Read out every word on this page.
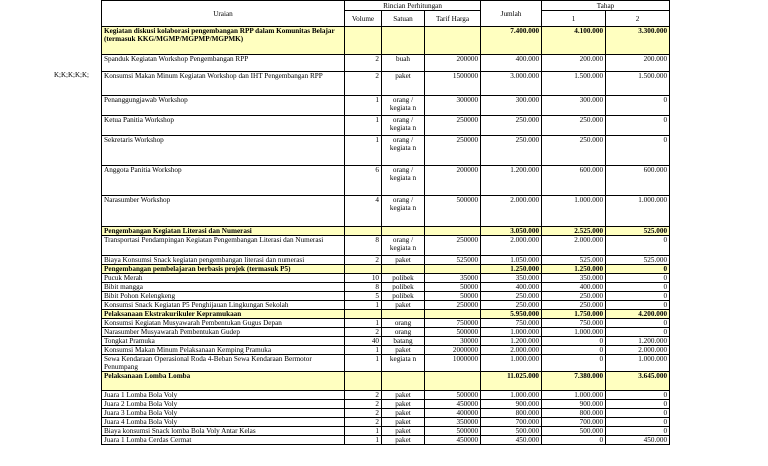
K;K;K;K;K;
Uraian	Rincian Perhitungan			Jumlah	Tahap	
	Volume	Satuan	Tarif Harga		1	2
Kegiatan diskusi kolaborasi pengembangan RPP dalam Komunitas Belajar (termasuk KKG/MGMP/MGPMP/MGPMK)				7.400.000	4.100.000	3.300.000
Spanduk Kegiatan Workshop Pengembangan RPP	2	buah	200000	400.000	200.000	200.000
Konsumsi Makan Minum Kegiatan Workshop dan IHT Pengembangan RPP	2	paket	1500000	3.000.000	1.500.000	1.500.000
Penanggungjawab Workshop	1	orang / kegiata n	300000	300.000	300.000	0
Ketua Panitia Workshop	1	orang / kegiata n	250000	250.000	250.000	0
Sekretaris Workshop	1	orang / kegiata n	250000	250.000	250.000	0
Anggota Panitia Workshop	6	orang / kegiata n	200000	1.200.000	600.000	600.000
Narasumber Workshop	4	orang / kegiata n	500000	2.000.000	1.000.000	1.000.000
Pengembangan Kegiatan Literasi dan Numerasi				3.050.000	2.525.000	525.000
Transportasi Pendampingan Kegiatan Pengembangan Literasi dan Numerasi	8	orang / kegiata n	250000	2.000.000	2.000.000	0
Biaya Konsumsi Snack kegiatan pengembangan literasi dan numerasi	2	paket	525000	1.050.000	525.000	525.000
Pengembangan pembelajaran berbasis projek (termasuk P5)				1.250.000	1.250.000	0
Pucuk Merah	10	polibek	35000	350.000	350.000	0
Bibit mangga	8	polibek	50000	400.000	400.000	0
Bibit Pohon Kelengkeng	5	polibek	50000	250.000	250.000	0
Konsumsi Snack Kegiatan P5 Penghijauan Lingkungan Sekolah	1	paket	250000	250.000	250.000	0
Pelaksanaan Ekstrakurikuler Kepramukaan				5.950.000	1.750.000	4.200.000
Konsumsi Kegiatan Musyawarah Pembentukan Gugus Depan	1	orang	750000	750.000	750.000	0
Narasumber Musyawarah Pembentukan Gudep	2	orang	500000	1.000.000	1.000.000	0
Tongkat Pramuka	40	batang	30000	1.200.000	0	1.200.000
Konsumsi Makan Minum Pelaksanaan Kemping Pramuka	1	paket	2000000	2.000.000	0	2.000.000
Sewa Kendaraan Operasional Roda 4-Beban Sewa Kendaraan Bermotor Penumpang	1	kegiata n	1000000	1.000.000	0	1.000.000
Pelaksanaan Lomba Lomba				11.025.000	7.380.000	3.645.000
Juara 1 Lomba Bola Voly	2	paket	500000	1.000.000	1.000.000	0
Juara 2 Lomba Bola Voly	2	paket	450000	900.000	900.000	0
Juara 3 Lomba Bola Voly	2	paket	400000	800.000	800.000	0
Juara 4 Lomba Bola Voly	2	paket	350000	700.000	700.000	0
Biaya konsumsi Snack lomba Bola Voly Antar Kelas	1	paket	500000	500.000	500.000	0
Juara 1 Lomba Cerdas Cermat	1	paket	450000	450.000	0	450.000
